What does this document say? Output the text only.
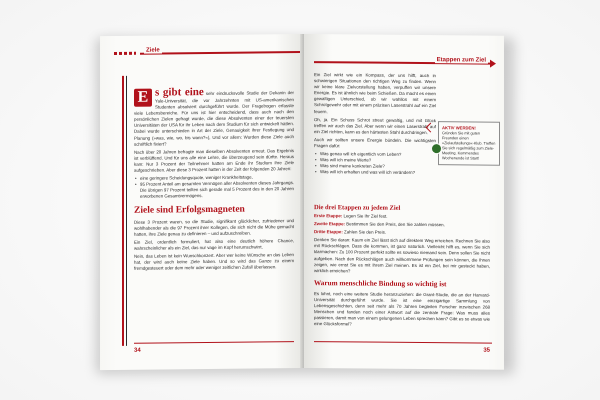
Ziele

E s gibt eine sehr eindrucksvolle Studie der Dekanin der Yale-Universität, die vor Jahrzehnten mit US-amerikanischen Studenten absolviert durchgeführt wurde. Der Fragebogen erfasste viele Lebensbereiche. Für uns ist hier entscheidend, dass auch nach den persönlichen Zielen gefragt wurde, die diese Absolventen einer der teuersten Universitäten der USA für ihr Leben nach dem Studium für sich entwickelt hätten. Dabei wurde unterschieden in Art der Ziele, Genauigkeit ihrer Festlegung und Planung (»was, wie, wo, bis wann?«), Und vor allem: Wurden diese Ziele auch schriftlich fixiert?

Nach über 20 Jahren befragte man dieselben Absolventen erneut. Das Ergebnis ist verblüffend. Und für uns alle eine Lehre, die überzeugend sein dürfte. Heraus kam: Nur 3 Prozent der Teilnehmer hatten am Ende ihr Studium ihre Ziele aufgeschrieben. Aber diese 3 Prozent hatten in der Zeit der folgenden 20 Jahren:

• eine geringere Scheidungsquote, weniger Krankheitstage,
• 95 Prozent Anteil am gesamten Vermögen aller Absolventen dieses Jahrgangs. Die übrigen 97 Prozent teilten sich gerade mal 5 Prozent des in den 20 Jahren erworbenen Gesamtvermögens.
Ziele sind Erfolgsmagneten

Diese 3 Prozent waren, so die Studie, signifikant glücklicher, zufriedener und wohlhabender als die 97 Prozent ihrer Kollegen, die sich nicht die Mühe gemacht hatten, ihre Ziele genau zu definieren – und aufzuschreiben.

Ein Ziel, ordentlich formuliert, hat also eine deutlich höhere Chance, wahrscheinlicher als ein Ziel, das nur vage im Kopf herumschwirrt.

Nein, das Leben ist kein Wunschkonzert. Aber wer keine Wünsche an das Leben hat, der wird auch keine Ziele haben. Und so wird das Ganze zu einem fremdgesteuert oder dem mehr oder weniger zeitlichen Zufall überlassen.

34
Etappen zum Ziel

Ein Ziel wirkt wie ein Kompass, der uns hilft, auch in schwierigen Situationen den richtigen Weg zu finden. Wenn wir keine klare Zielvorstellung haben, verpuffen wir unsere Energie. Es ist ähnlich wie beim Schießen. Da macht es einen gewaltigen Unterschied, ob wir wahllos mit einem Schrotgewehr oder mit einem präzisen Laserstrahl auf ein Ziel feuern.

Oh, ja. Ein Schuss Schrot streut gewaltig, und mit Glück treffen wir auch das Ziel. Aber wenn wir einen Laserstrahl auf ein Ziel richten, kann es den härtesten Stahl durchdringen.

Auch wir sollten unsere Energie bündeln. Die wichtigsten Fragen dafür:

• Was genau will ich eigentlich vom Leben?
• Was will ich meine Werte?
• Was sind meine konkreten Ziele?
• Was will ich erhalten und was will ich verändern?
Die drei Etappen zu jedem Ziel

Erste Etappe: Legen Sie Ihr Ziel fest.

Zweite Etappe: Bestimmen Sie den Preis, den Sie zahlen müssen.

Dritte Etappe: Zahlen Sie den Preis.

Denken Sie daran: Kaum ein Ziel lässt sich auf direktem Weg erreichen. Rechnen Sie also mit Rückschlägen. Dass die kommen, ist ganz natürlich. Vielleicht hilft es, wenn Sie sich klarmachen: Zu 100 Prozent perfekt sollte es sowieso niemand sein. Denn sollen Sie nicht aufgeben. Nach den Rückschlägen auch willkommene Prüfungen sein können, die Ihnen zeigen, wie ernst Sie es mit Ihrem Ziel meinen. Es ist ein Ziel, bei mir gesteckt haben, wirklich erreichen?

Warum menschliche Bindung so wichtig ist

Es lohnt, noch eine weitere Studie heranzuziehen: die Grant-Studie, die an der Harvard-Universität durchgeführt wurde. Sie ist eine einzigartige Sammlung von Lebensgeschichten, denn seit mehr als 70 Jahren begleiten Forscher inzwischen 268 Menschen und fanden noch einer Antwort auf die zentrale Frage: Was muss alles passieren, damit man von einem gelungenen Leben sprechen kann? Gibt es so etwas wie eine Glücksformel?

AKTIV WERDEN!
Gründen Sie mit guten Freunden einen »Zielaufstellungs«-Klub. Treffen Sie sich regelmäßig zum Ziele-Meeting. Kommendes Wochenende ist Start!
35
